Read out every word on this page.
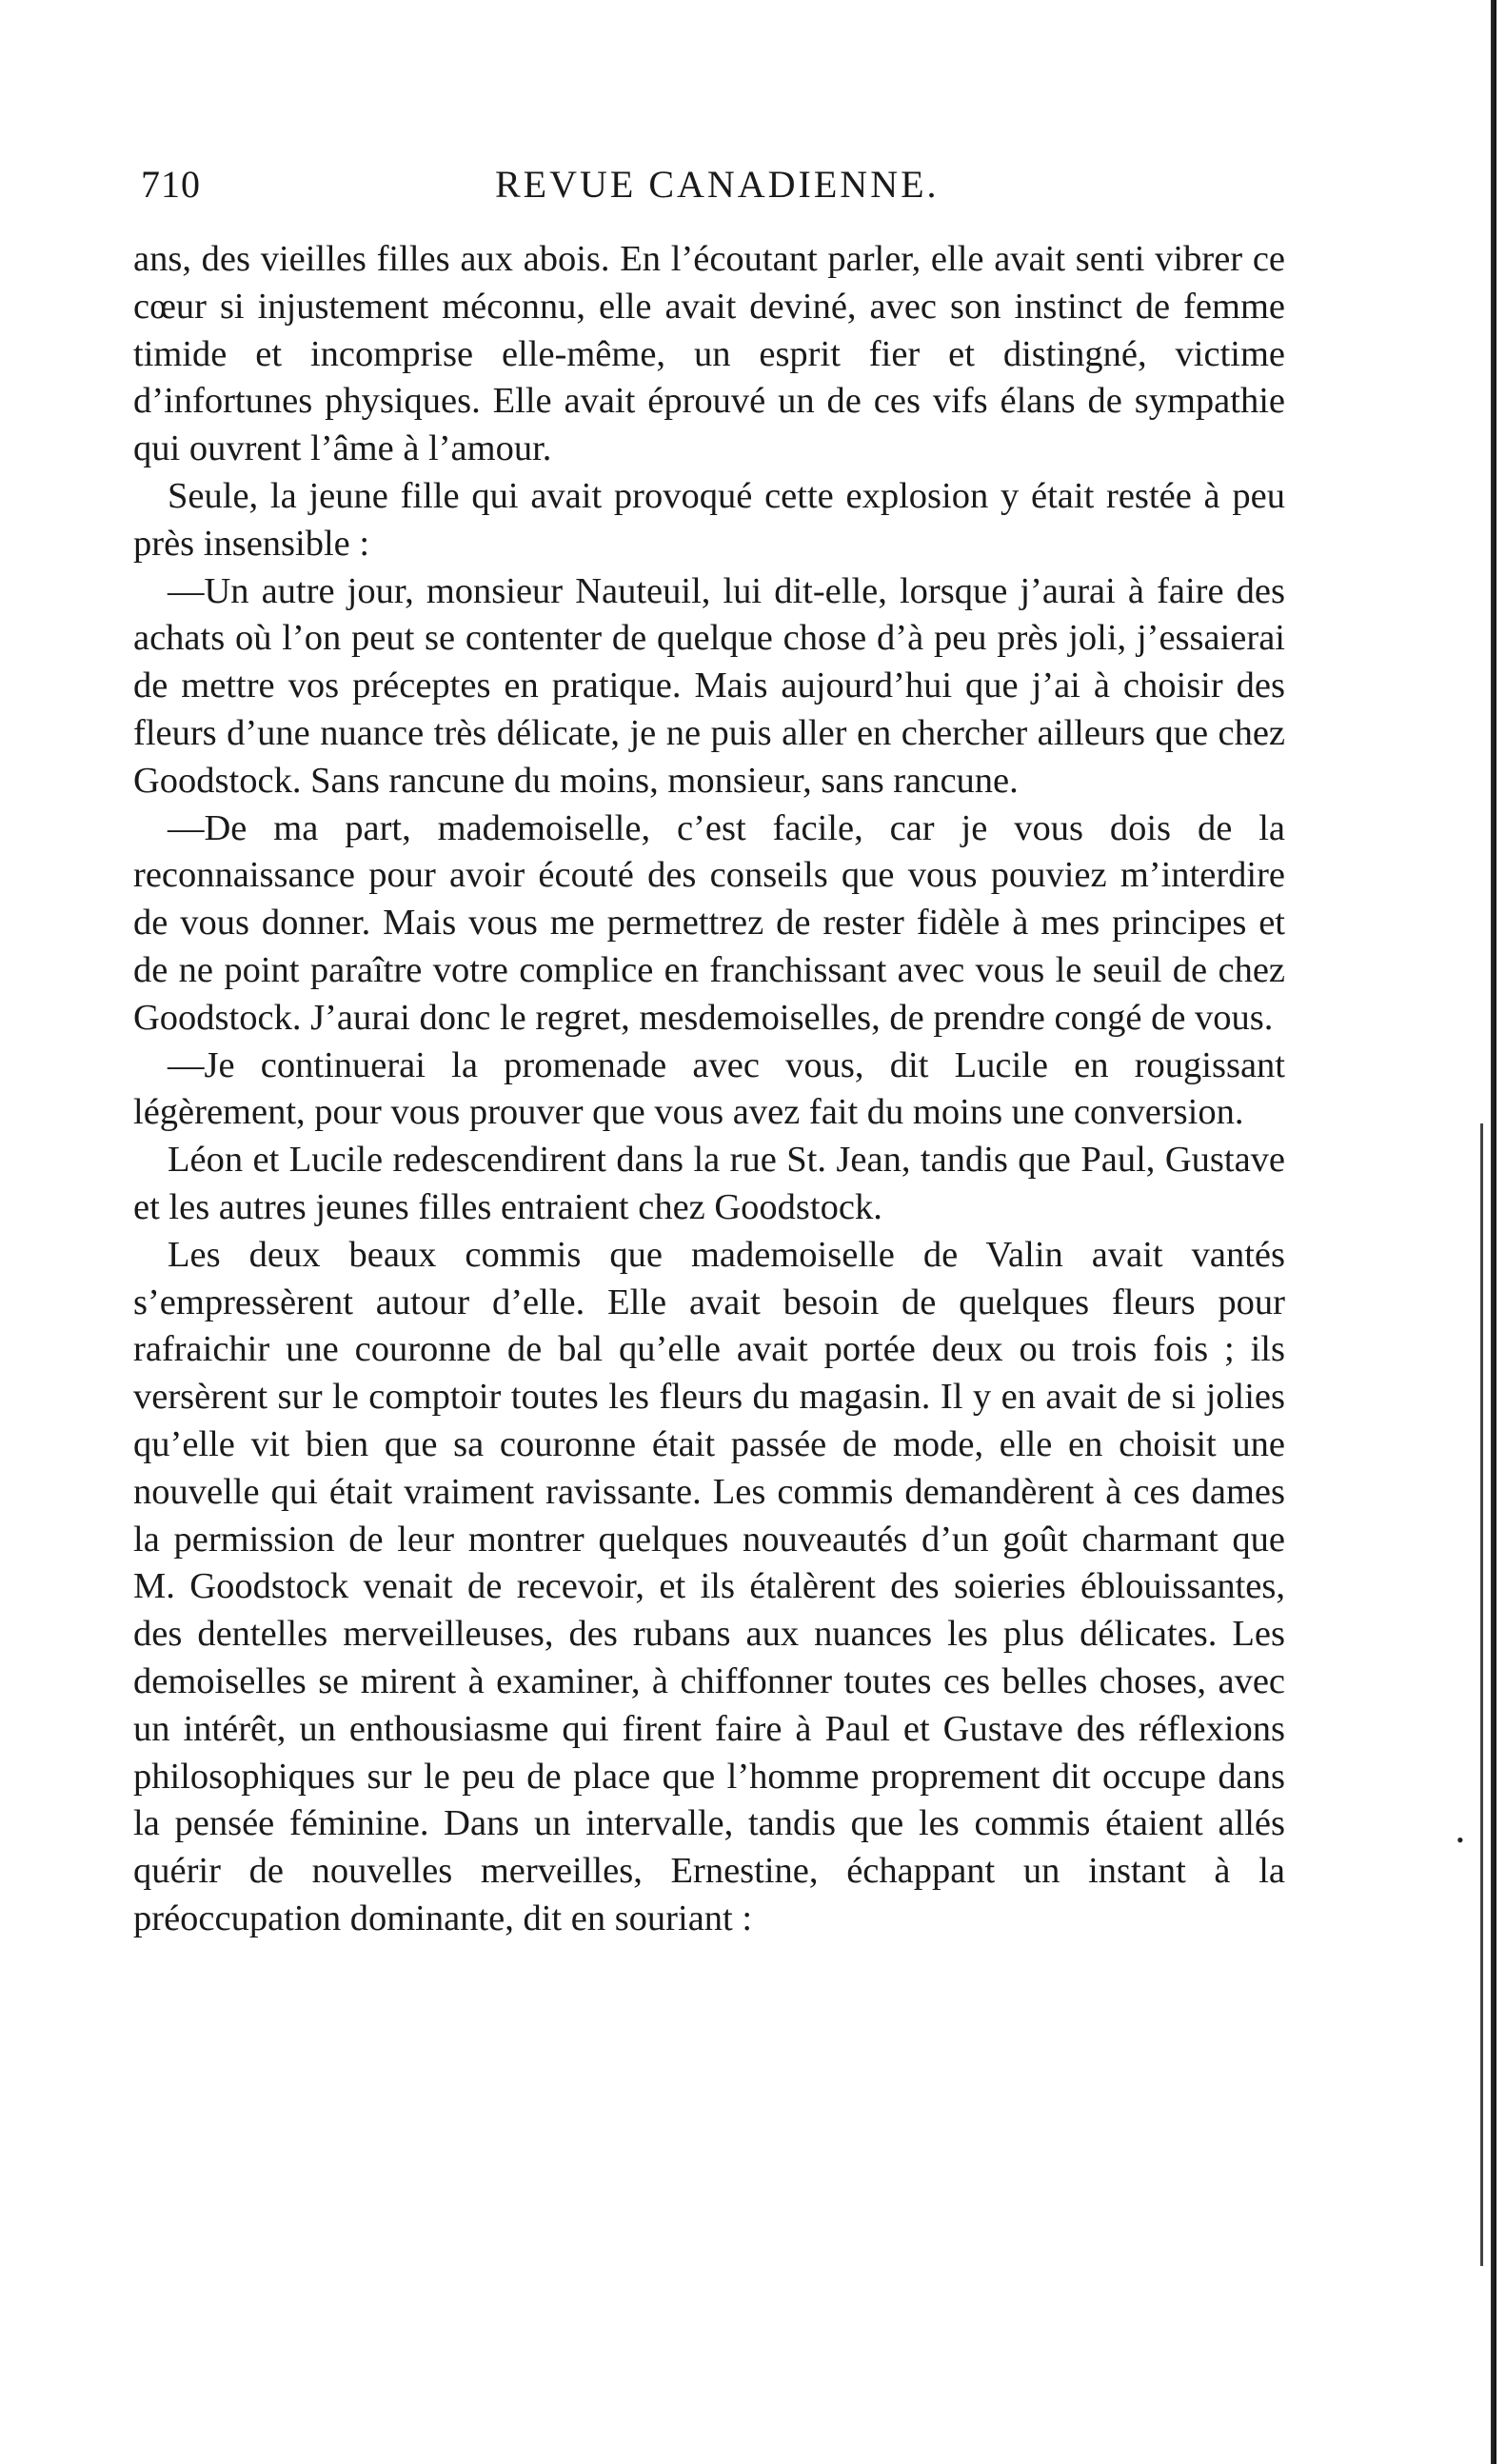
710	REVUE CANADIENNE.

ans, des vieilles filles aux abois. En l’écoutant parler, elle avait senti vibrer ce cœur si injustement méconnu, elle avait deviné, avec son instinct de femme timide et incomprise elle-même, un esprit fier et distingné, victime d’infortunes physiques. Elle avait éprouvé un de ces vifs élans de sympathie qui ouvrent l’âme à l’amour.

Seule, la jeune fille qui avait provoqué cette explosion y était restée à peu près insensible :

—Un autre jour, monsieur Nauteuil, lui dit-elle, lorsque j’aurai à faire des achats où l’on peut se contenter de quelque chose d’à peu près joli, j’essaierai de mettre vos préceptes en pratique. Mais aujourd’hui que j’ai à choisir des fleurs d’une nuance très délicate, je ne puis aller en chercher ailleurs que chez Goodstock. Sans rancune du moins, monsieur, sans rancune.

—De ma part, mademoiselle, c’est facile, car je vous dois de la reconnaissance pour avoir écouté des conseils que vous pouviez m’interdire de vous donner. Mais vous me permettrez de rester fidèle à mes principes et de ne point paraître votre complice en franchissant avec vous le seuil de chez Goodstock. J’aurai donc le regret, mesdemoiselles, de prendre congé de vous.

—Je continuerai la promenade avec vous, dit Lucile en rougissant légèrement, pour vous prouver que vous avez fait du moins une conversion.

Léon et Lucile redescendirent dans la rue St. Jean, tandis que Paul, Gustave et les autres jeunes filles entraient chez Goodstock.

Les deux beaux commis que mademoiselle de Valin avait vantés s’empressèrent autour d’elle. Elle avait besoin de quelques fleurs pour rafraichir une couronne de bal qu’elle avait portée deux ou trois fois ; ils versèrent sur le comptoir toutes les fleurs du magasin. Il y en avait de si jolies qu’elle vit bien que sa couronne était passée de mode, elle en choisit une nouvelle qui était vraiment ravissante. Les commis demandèrent à ces dames la permission de leur montrer quelques nouveautés d’un goût charmant que M. Goodstock venait de recevoir, et ils étalèrent des soieries éblouissantes, des dentelles merveilleuses, des rubans aux nuances les plus délicates. Les demoiselles se mirent à examiner, à chiffonner toutes ces belles choses, avec un intérêt, un enthousiasme qui firent faire à Paul et Gustave des réflexions philosophiques sur le peu de place que l’homme proprement dit occupe dans la pensée féminine. Dans un intervalle, tandis que les commis étaient allés quérir de nouvelles merveilles, Ernestine, échappant un instant à la préoccupation dominante, dit en souriant :

•
